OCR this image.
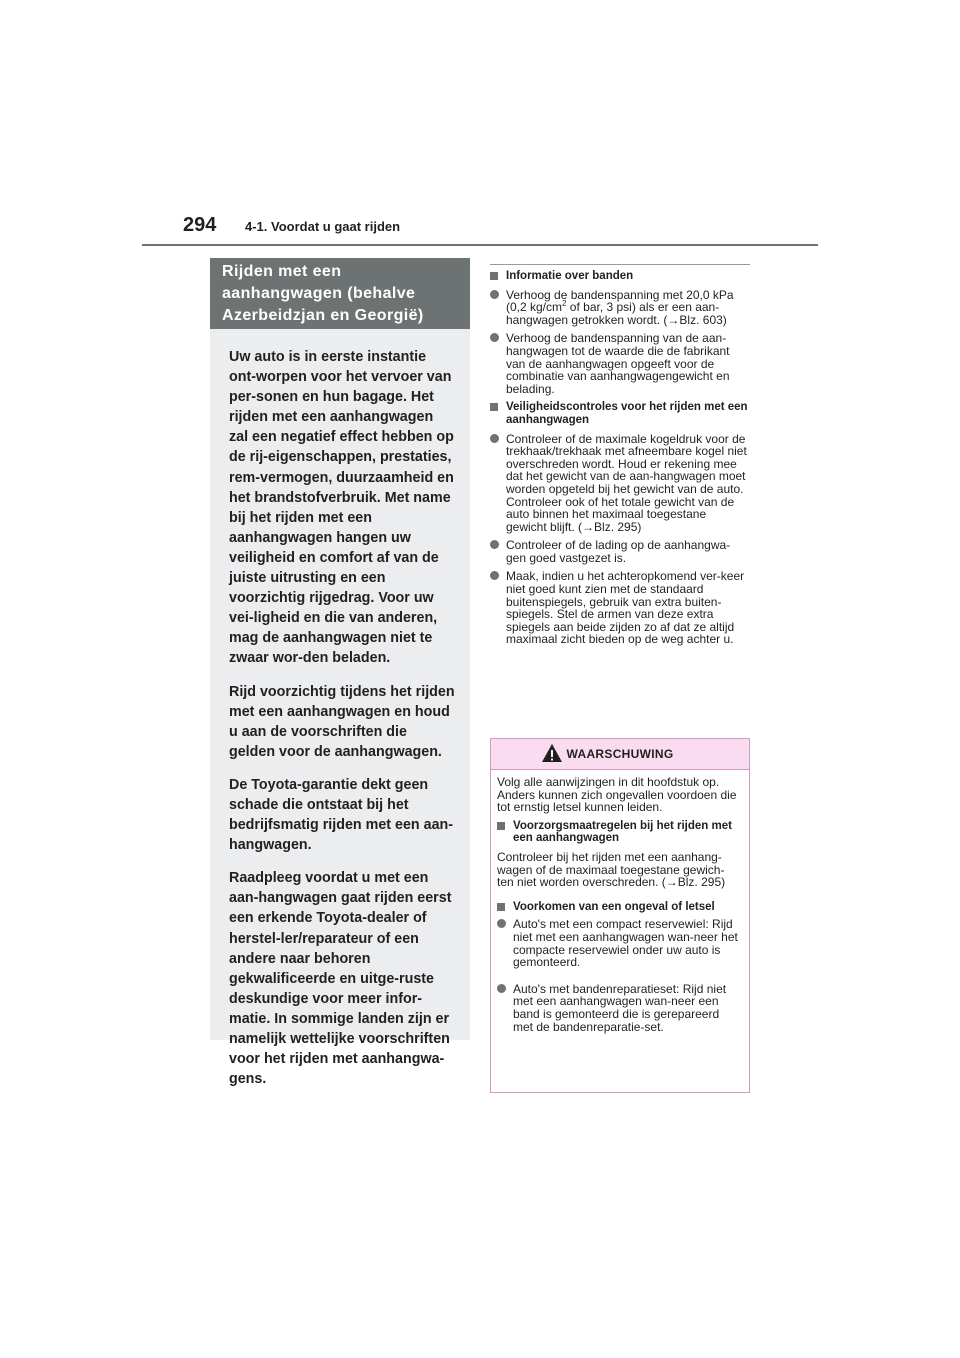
294 4-1. Voordat u gaat rijden
Rijden met een aanhangwagen (behalve Azerbeidzjan en Georgië)

Uw auto is in eerste instantie ont-worpen voor het vervoer van per-sonen en hun bagage. Het rijden met een aanhangwagen zal een negatief effect hebben op de rij-eigenschappen, prestaties, rem-vermogen, duurzaamheid en het brandstofverbruik. Met name bij het rijden met een aanhangwagen hangen uw veiligheid en comfort af van de juiste uitrusting en een voorzichtig rijgedrag. Voor uw vei-ligheid en die van anderen, mag de aanhangwagen niet te zwaar wor-den beladen.

Rijd voorzichtig tijdens het rijden met een aanhangwagen en houd u aan de voorschriften die gelden voor de aanhangwagen.

De Toyota-garantie dekt geen schade die ontstaat bij het bedrijfsmatig rijden met een aan-hangwagen.

Raadpleeg voordat u met een aan-hangwagen gaat rijden eerst een erkende Toyota-dealer of herstel-ler/reparateur of een andere naar behoren gekwalificeerde en uitge-ruste deskundige voor meer infor-matie. In sommige landen zijn er namelijk wettelijke voorschriften voor het rijden met aanhangwa-gens.

Informatie over banden
Verhoog de bandenspanning met 20,0 kPa (0,2 $kg/cm^2$ of bar, 3 psi) als er een aan-hangwagen getrokken wordt. (→Blz. 603)
Verhoog de bandenspanning van de aan-hangwagen tot de waarde die de fabrikant van de aanhangwagen opgeeft voor de combinatie van aanhangwagengewicht en belading.
Veiligheidscontroles voor het rijden met een aanhangwagen
Controleer of de maximale kogeldruk voor de trekhaak/trekhaak met afneembare kogel niet overschreden wordt. Houd er rekening mee dat het gewicht van de aan-hangwagen moet worden opgeteld bij het gewicht van de auto. Controleer ook of het totale gewicht van de auto binnen het maximaal toegestane gewicht blijft. (→Blz. 295)
Controleer of de lading op de aanhangwa-gen goed vastgezet is.
Maak, indien u het achteropkomend ver-keer niet goed kunt zien met de standaard buitenspiegels, gebruik van extra buiten-spiegels. Stel de armen van deze extra spiegels aan beide zijden zo af dat ze altijd maximaal zicht bieden op de weg achter u.
WAARSCHUWING
Volg alle aanwijzingen in dit hoofdstuk op. Anders kunnen zich ongevallen voordoen die tot ernstig letsel kunnen leiden.
Voorzorgsmaatregelen bij het rijden met een aanhangwagen
Controleer bij het rijden met een aanhang-wagen of de maximaal toegestane gewich-ten niet worden overschreden. (→Blz. 295)
Voorkomen van een ongeval of letsel
Auto's met een compact reservewiel: Rijd niet met een aanhangwagen wan-neer het compacte reservewiel onder uw auto is gemonteerd.
Auto's met bandenreparatieset: Rijd niet met een aanhangwagen wan-neer een band is gemonteerd die is gerepareerd met de bandenreparatie-set.
